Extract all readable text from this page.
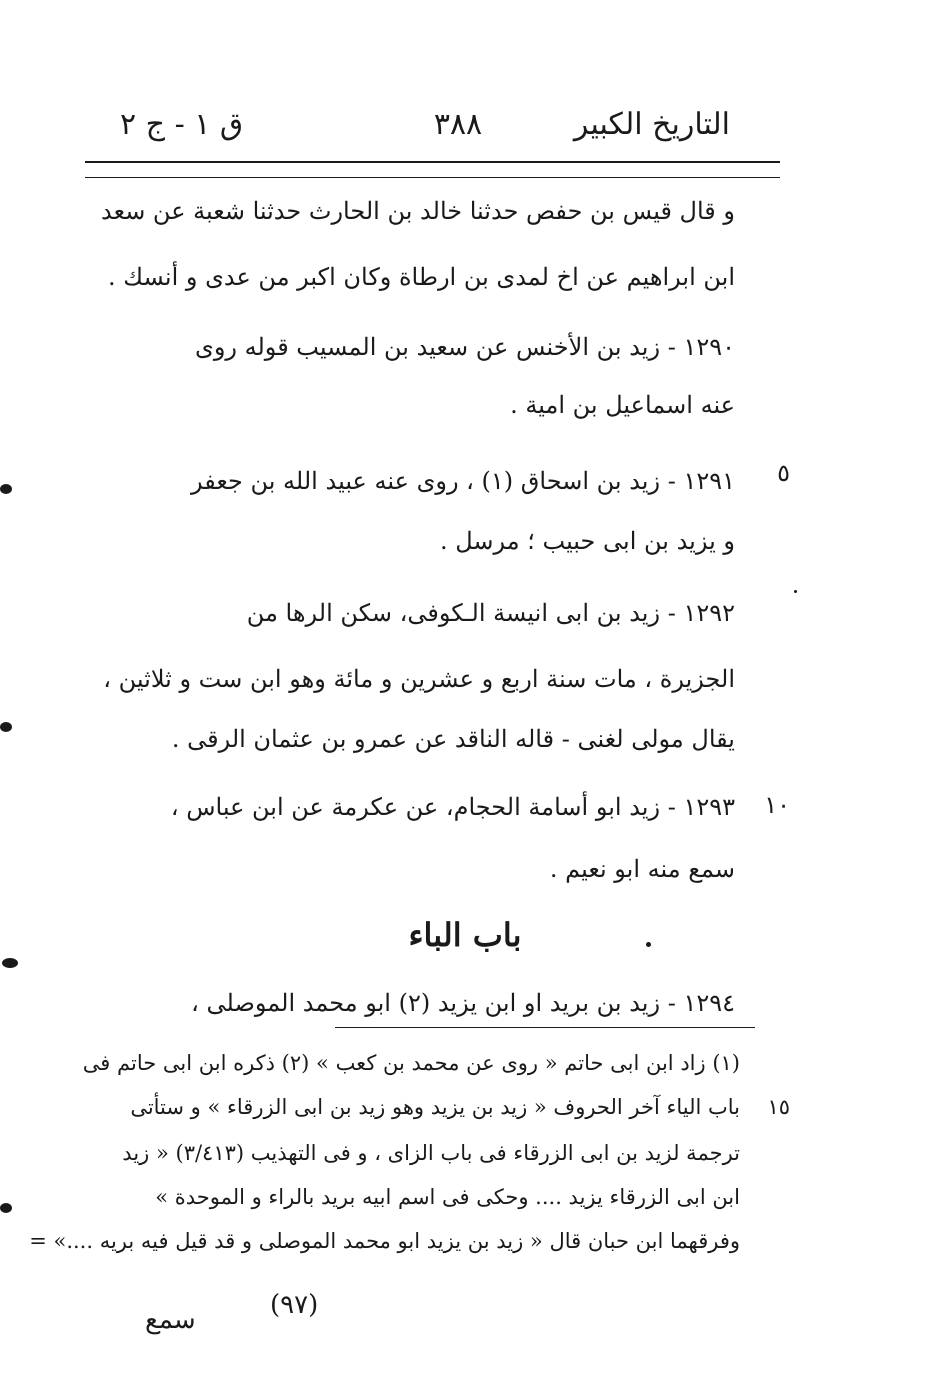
التاريخ الكبير
٣٨٨
ق ١ - ج ٢
و قال قيس بن حفص حدثنا خالد بن الحارث حدثنا شعبة عن سعد
ابن ابراهيم عن اخ لمدى بن ارطاة وكان اكبر من عدى و أنسك .
١٢٩٠ - زيد بن الأخنس عن سعيد بن المسيب قوله روى
عنه اسماعيل بن امية .
٥
١٢٩١ - زيد بن اسحاق (١) ، روى عنه عبيد الله بن جعفر
و يزيد بن ابى حبيب ؛ مرسل .
١٢٩٢ - زيد بن ابى انيسة الـكوفى، سكن الرها من
الجزيرة ، مات سنة اربع و عشرين و مائة وهو ابن ست و ثلاثين ،
يقال مولى لغنى - قاله الناقد عن عمرو بن عثمان الرقى .
١٠
١٢٩٣ - زيد ابو أسامة الحجام، عن عكرمة عن ابن عباس ،
سمع منه ابو نعيم .
باب الباء
١٢٩٤ - زيد بن بريد او ابن يزيد (٢) ابو محمد الموصلى ،
(١) زاد ابن ابى حاتم « روى عن محمد بن كعب » (٢) ذكره ابن ابى حاتم فى
١٥
باب الياء آخر الحروف « زيد بن يزيد وهو زيد بن ابى الزرقاء » و ستأتى
ترجمة لزيد بن ابى الزرقاء فى باب الزاى ، و فى التهذيب (٣/٤١٣) « زيد
ابن ابى الزرقاء يزيد .... وحكى فى اسم ابيه بريد بالراء و الموحدة »
وفرقهما ابن حبان قال « زيد بن يزيد ابو محمد الموصلى و قد قيل فيه بريه ....» =
(٩٧)
سمع
